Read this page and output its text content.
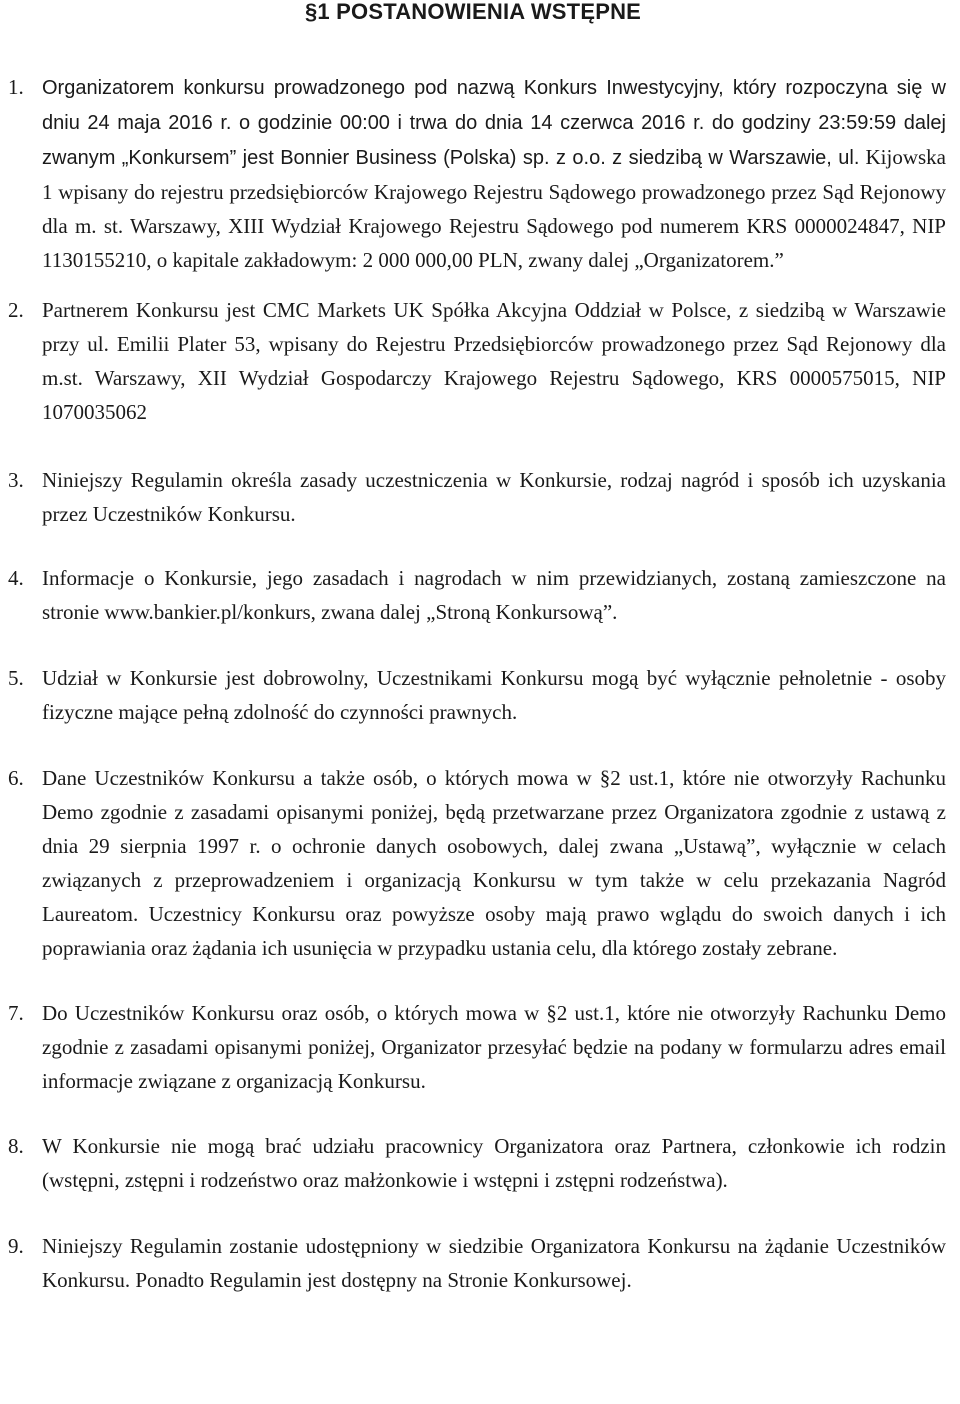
§1 POSTANOWIENIA WSTĘPNE
1. Organizatorem konkursu prowadzonego pod nazwą Konkurs Inwestycyjny, który rozpoczyna się w dniu 24 maja 2016 r. o godzinie 00:00 i trwa do dnia 14 czerwca 2016 r. do godziny 23:59:59 dalej zwanym „Konkursem” jest Bonnier Business (Polska) sp. z o.o. z siedzibą w Warszawie, ul. Kijowska 1 wpisany do rejestru przedsiębiorców Krajowego Rejestru Sądowego prowadzonego przez Sąd Rejonowy dla m. st. Warszawy, XIII Wydział Krajowego Rejestru Sądowego pod numerem KRS 0000024847, NIP 1130155210, o kapitale zakładowym: 2 000 000,00 PLN, zwany dalej „Organizatorem.”
2. Partnerem Konkursu jest CMC Markets UK Spółka Akcyjna Oddział w Polsce, z siedzibą w Warszawie przy ul. Emilii Plater 53, wpisany do Rejestru Przedsiębiorców prowadzonego przez Sąd Rejonowy dla m.st. Warszawy, XII Wydział Gospodarczy Krajowego Rejestru Sądowego, KRS 0000575015, NIP 1070035062
3. Niniejszy Regulamin określa zasady uczestniczenia w Konkursie, rodzaj nagród i sposób ich uzyskania przez Uczestników Konkursu.
4. Informacje o Konkursie, jego zasadach i nagrodach w nim przewidzianych, zostaną zamieszczone na stronie www.bankier.pl/konkurs, zwana dalej „Stroną Konkursową”.
5. Udział w Konkursie jest dobrowolny, Uczestnikami Konkursu mogą być wyłącznie pełnoletnie - osoby fizyczne mające pełną zdolność do czynności prawnych.
6. Dane Uczestników Konkursu a także osób, o których mowa w §2 ust.1, które nie otworzyły Rachunku Demo zgodnie z zasadami opisanymi poniżej, będą przetwarzane przez Organizatora zgodnie z ustawą z dnia 29 sierpnia 1997 r. o ochronie danych osobowych, dalej zwana „Ustawą”, wyłącznie w celach związanych z przeprowadzeniem i organizacją Konkursu w tym także w celu przekazania Nagród Laureatom. Uczestnicy Konkursu oraz powyższe osoby mają prawo wglądu do swoich danych i ich poprawiania oraz żądania ich usunięcia w przypadku ustania celu, dla którego zostały zebrane.
7. Do Uczestników Konkursu oraz osób, o których mowa w §2 ust.1, które nie otworzyły Rachunku Demo zgodnie z zasadami opisanymi poniżej, Organizator przesyłać będzie na podany w formularzu adres email informacje związane z organizacją Konkursu.
8. W Konkursie nie mogą brać udziału pracownicy Organizatora oraz Partnera, członkowie ich rodzin (wstępni, zstępni i rodzeństwo oraz małżonkowie i wstępni i zstępni rodzeństwa).
9. Niniejszy Regulamin zostanie udostępniony w siedzibie Organizatora Konkursu na żądanie Uczestników Konkursu. Ponadto Regulamin jest dostępny na Stronie Konkursowej.
